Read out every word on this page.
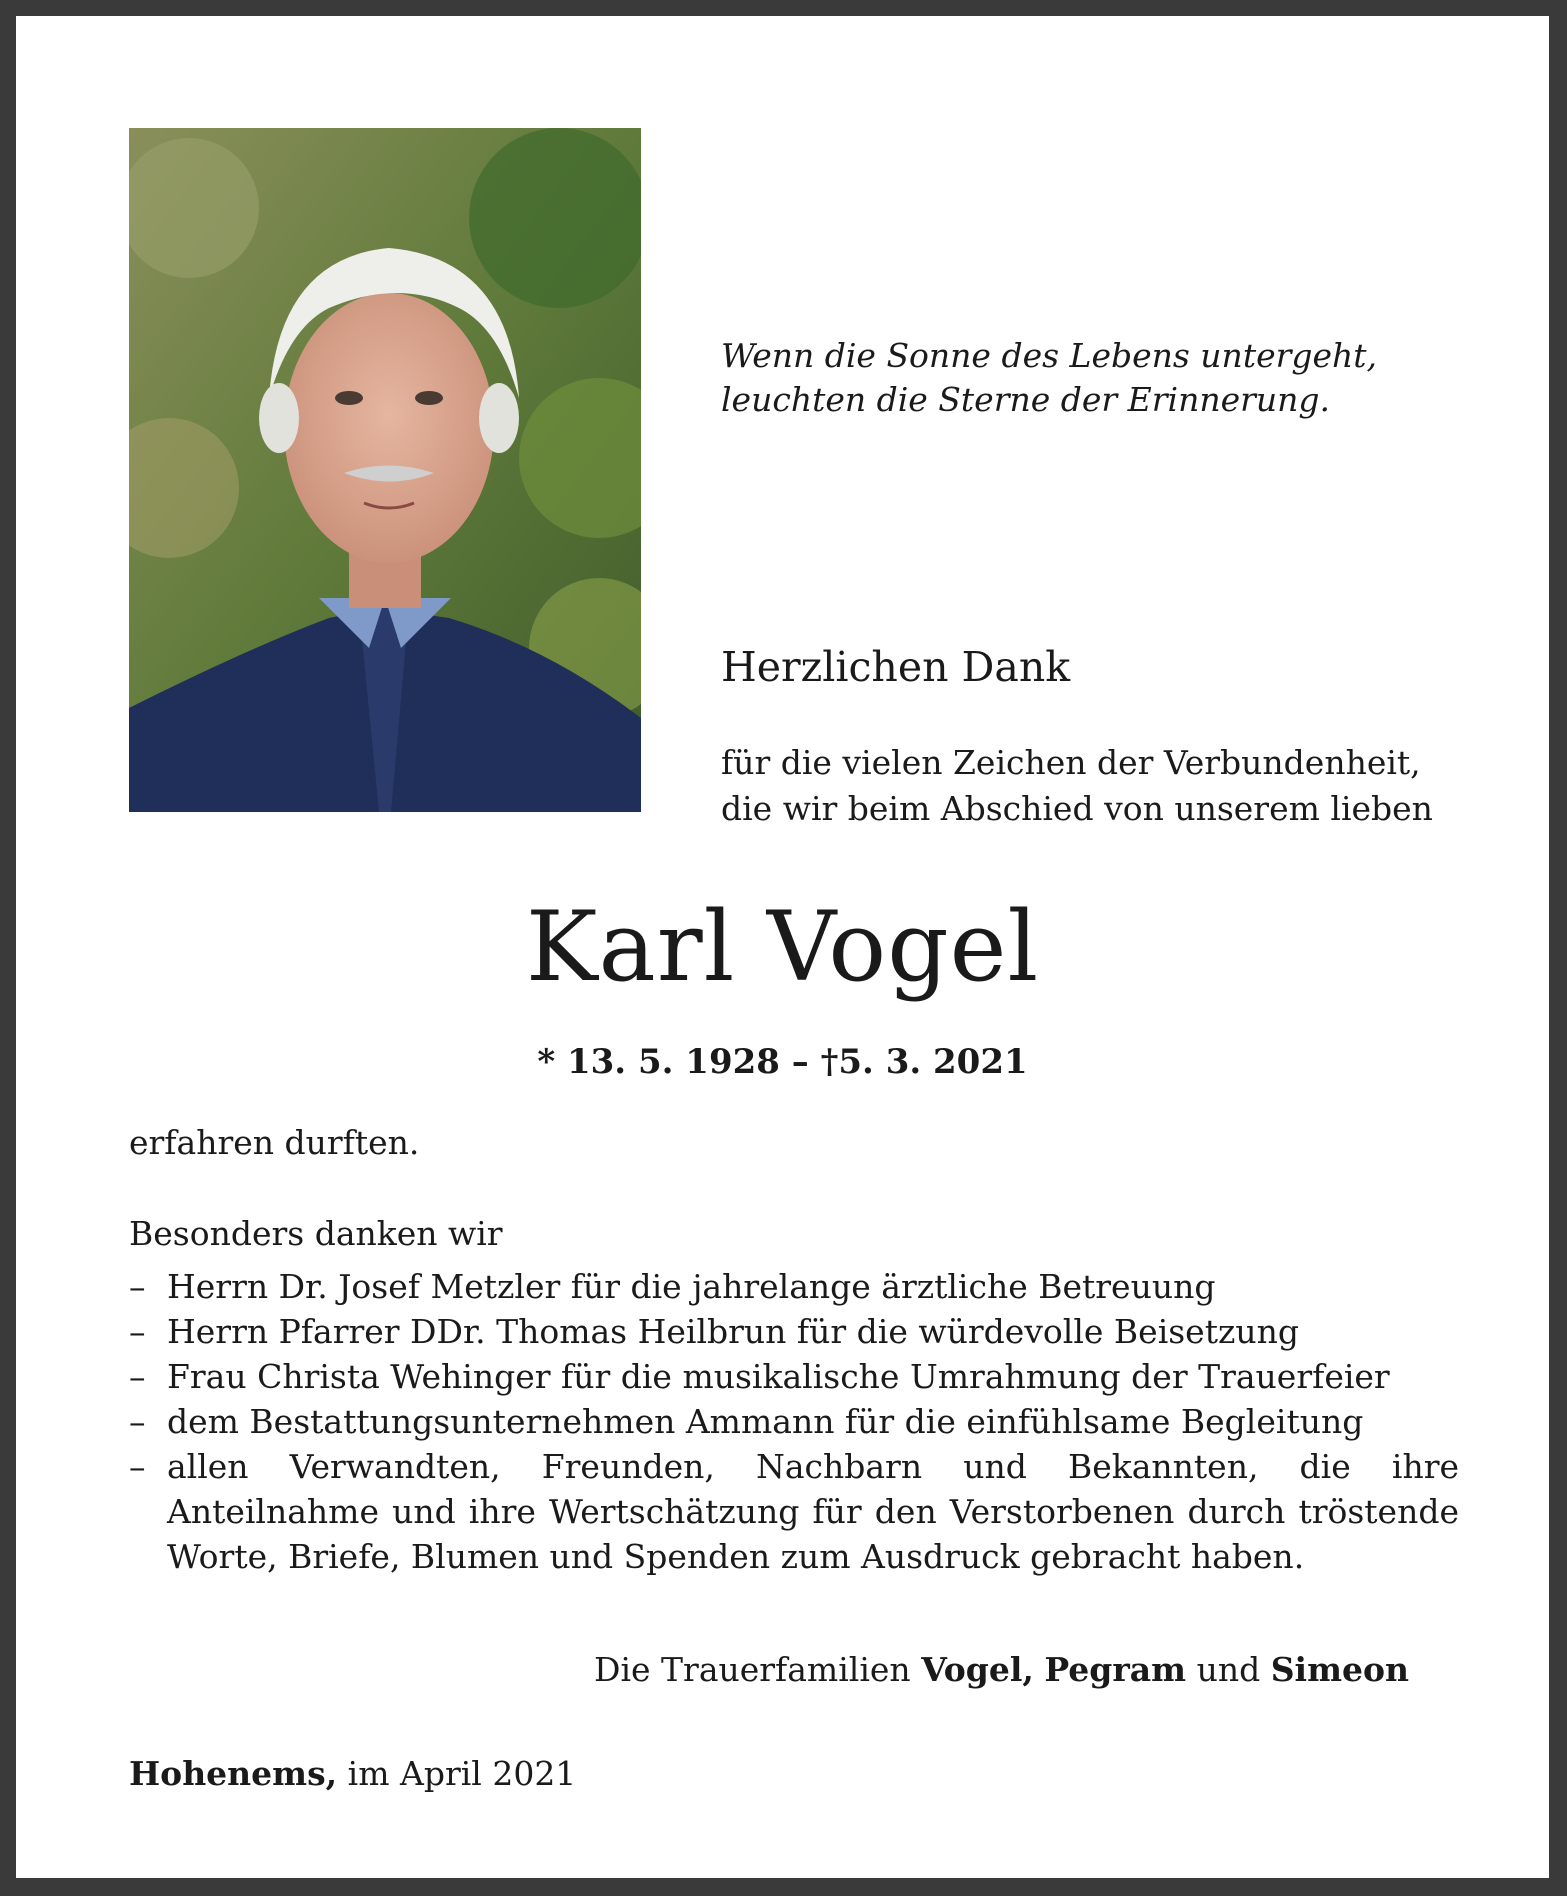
Wenn die Sonne des Lebens untergeht,
leuchten die Sterne der Erinnerung.
Herzlichen Dank
für die vielen Zeichen der Verbundenheit,
die wir beim Abschied von unserem lieben
Karl Vogel
* 13. 5. 1928 – †5. 3. 2021
erfahren durften.
Besonders danken wir
– Herrn Dr. Josef Metzler für die jahrelange ärztliche Betreuung
– Herrn Pfarrer DDr. Thomas Heilbrun für die würdevolle Beisetzung
– Frau Christa Wehinger für die musikalische Umrahmung der Trauerfeier
– dem Bestattungsunternehmen Ammann für die einfühlsame Begleitung
– allen Verwandten, Freunden, Nachbarn und Bekannten, die ihre Anteilnahme und ihre Wertschätzung für den Verstorbenen durch tröstende Worte, Briefe, Blumen und Spenden zum Ausdruck gebracht haben.
Die Trauerfamilien Vogel, Pegram und Simeon
Hohenems, im April 2021
